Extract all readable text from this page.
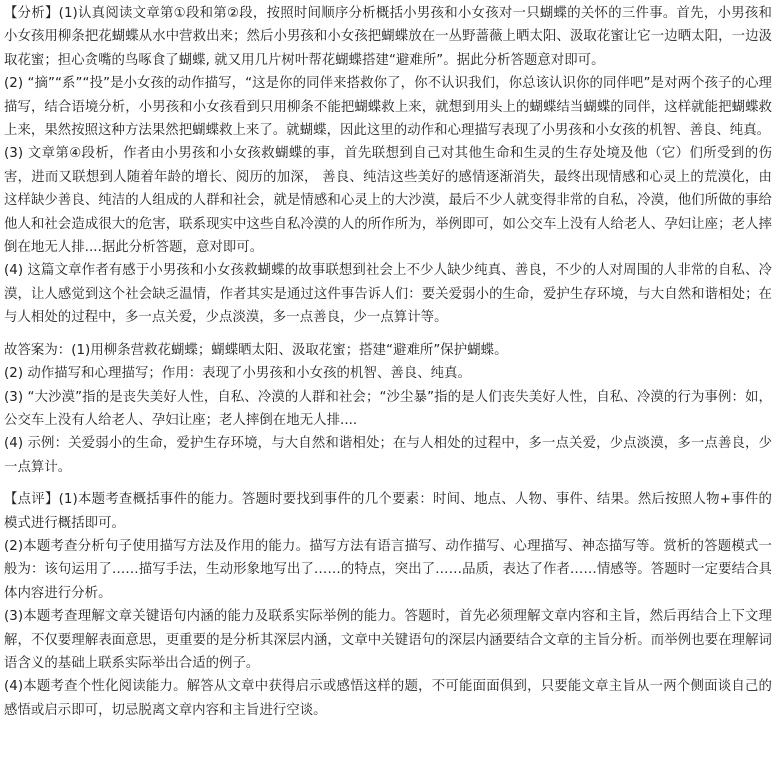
【分析】(1)认真阅读文章第①段和第②段，按照时间顺序分析概括小男孩和小女孩对一只蝴蝶的关怀的三件事。首先，小男孩和小女孩用柳条把花蝴蝶从水中营救出来；然后小男孩和小女孩把蝴蝶放在一丛野蔷薇上晒太阳、汲取花蜜让它一边晒太阳，一边汲取花蜜；担心贪嘴的鸟啄食了蝴蝶, 就又用几片树叶帮花蝴蝶搭建“避难所”。据此分析答题意对即可。

(2) “摘”“系”“投”是小女孩的动作描写，“这是你的同伴来搭救你了，你不认识我们，你总该认识你的同伴吧”是对两个孩子的心理描写，结合语境分析，小男孩和小女孩看到只用柳条不能把蝴蝶救上来，就想到用头上的蝴蝶结当蝴蝶的同伴，这样就能把蝴蝶救上来，果然按照这种方法果然把蝴蝶救上来了。就蝴蝶，因此这里的动作和心理描写表现了小男孩和小女孩的机智、善良、纯真。

(3) 文章第④段析，作者由小男孩和小女孩救蝴蝶的事，首先联想到自己对其他生命和生灵的生存处境及他（它）们所受到的伤害，进而又联想到人随着年龄的增长、阅历的加深， 善良、纯洁这些美好的感情逐渐消失，最终出现情感和心灵上的荒漠化，由这样缺少善良、纯洁的人组成的人群和社会，就是情感和心灵上的大沙漠，最后不少人就变得非常的自私，冷漠，他们所做的事给他人和社会造成很大的危害，联系现实中这些自私冷漠的人的所作所为，举例即可，如公交车上没有人给老人、孕妇让座；老人摔倒在地无人排....据此分析答题，意对即可。

(4) 这篇文章作者有感于小男孩和小女孩救蝴蝶的故事联想到社会上不少人缺少纯真、善良，不少的人对周围的人非常的自私、冷漠，让人感觉到这个社会缺乏温情，作者其实是通过这件事告诉人们：要关爱弱小的生命，爱护生存环境，与大自然和谐相处；在与人相处的过程中，多一点关爱，少点淡漠，多一点善良，少一点算计等。

故答案为：(1)用柳条营救花蝴蝶；蝴蝶晒太阳、汲取花蜜；搭建“避难所”保护蝴蝶。

(2) 动作描写和心理描写；作用：表现了小男孩和小女孩的机智、善良、纯真。

(3) “大沙漠”指的是丧失美好人性，自私、冷漠的人群和社会；“沙尘暴”指的是人们丧失美好人性，自私、冷漠的行为事例：如，公交车上没有人给老人、孕妇让座；老人摔倒在地无人排....

(4) 示例：关爱弱小的生命，爱护生存环境，与大自然和谐相处；在与人相处的过程中，多一点关爱，少点淡漠，多一点善良，少一点算计。

【点评】(1)本题考查概括事件的能力。答题时要找到事件的几个要素：时间、地点、人物、事件、结果。然后按照人物+事件的模式进行概括即可。

(2)本题考查分析句子使用描写方法及作用的能力。描写方法有语言描写、动作描写、心理描写、神态描写等。赏析的答题模式一般为：该句运用了……描写手法，生动形象地写出了……的特点，突出了……品质，表达了作者……情感等。答题时一定要结合具体内容进行分析。

(3)本题考查理解文章关键语句内涵的能力及联系实际举例的能力。答题时，首先必须理解文章内容和主旨，然后再结合上下文理解，不仅要理解表面意思，更重要的是分析其深层内涵，文章中关键语句的深层内涵要结合文章的主旨分析。而举例也要在理解词语含义的基础上联系实际举出合适的例子。

(4)本题考查个性化阅读能力。解答从文章中获得启示或感悟这样的题，不可能面面俱到，只要能文章主旨从一两个侧面谈自己的感悟或启示即可，切忌脱离文章内容和主旨进行空谈。
